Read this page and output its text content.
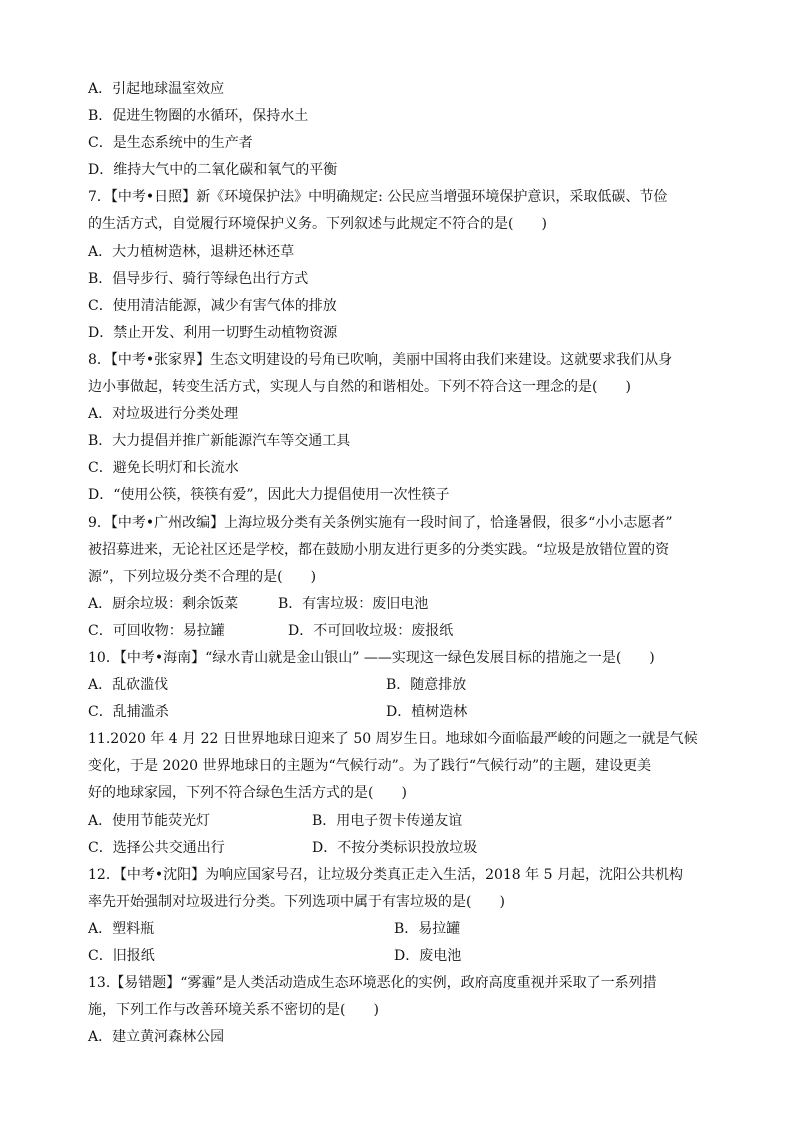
A．引起地球温室效应
B．促进生物圈的水循环，保持水土
C．是生态系统中的生产者
D．维持大气中的二氧化碳和氧气的平衡
7．【中考•日照】新《环境保护法》中明确规定: 公民应当增强环境保护意识，采取低碳、节俭
的生活方式，自觉履行环境保护义务。下列叙述与此规定不符合的是(　　)
A．大力植树造林，退耕还林还草
B．倡导步行、骑行等绿色出行方式
C．使用清洁能源，减少有害气体的排放
D．禁止开发、利用一切野生动植物资源
8．【中考•张家界】生态文明建设的号角已吹响，美丽中国将由我们来建设。这就要求我们从身
边小事做起，转变生活方式，实现人与自然的和谐相处。下列不符合这一理念的是(　　)
A．对垃圾进行分类处理
B．大力提倡并推广新能源汽车等交通工具
C．避免长明灯和长流水
D．“使用公筷，筷筷有爱”，因此大力提倡使用一次性筷子
9．【中考•广州改编】上海垃圾分类有关条例实施有一段时间了，恰逢暑假，很多“小小志愿者”
被招募进来，无论社区还是学校，都在鼓励小朋友进行更多的分类实践。“垃圾是放错位置的资
源”，下列垃圾分类不合理的是(　　)
A．厨余垃圾：剩余饭菜	B．有害垃圾：废旧电池
C．可回收物：易拉罐	D．不可回收垃圾：废报纸
10．【中考•海南】“绿水青山就是金山银山” ——实现这一绿色发展目标的措施之一是(　　)
A．乱砍滥伐	B．随意排放
C．乱捕滥杀	D．植树造林
11.2020 年 4 月 22 日世界地球日迎来了 50 周岁生日。地球如今面临最严峻的问题之一就是气候
变化，于是 2020 世界地球日的主题为“气候行动”。为了践行“气候行动”的主题，建设更美
好的地球家园，下列不符合绿色生活方式的是(　　)
A．使用节能荧光灯	B．用电子贺卡传递友谊
C．选择公共交通出行	D．不按分类标识投放垃圾
12．【中考•沈阳】为响应国家号召，让垃圾分类真正走入生活，2018 年 5 月起，沈阳公共机构
率先开始强制对垃圾进行分类。下列选项中属于有害垃圾的是(　　)
A．塑料瓶	B．易拉罐
C．旧报纸	D．废电池
13.【易错题】“雾霾”是人类活动造成生态环境恶化的实例，政府高度重视并采取了一系列措
施，下列工作与改善环境关系不密切的是(　　)
A．建立黄河森林公园
